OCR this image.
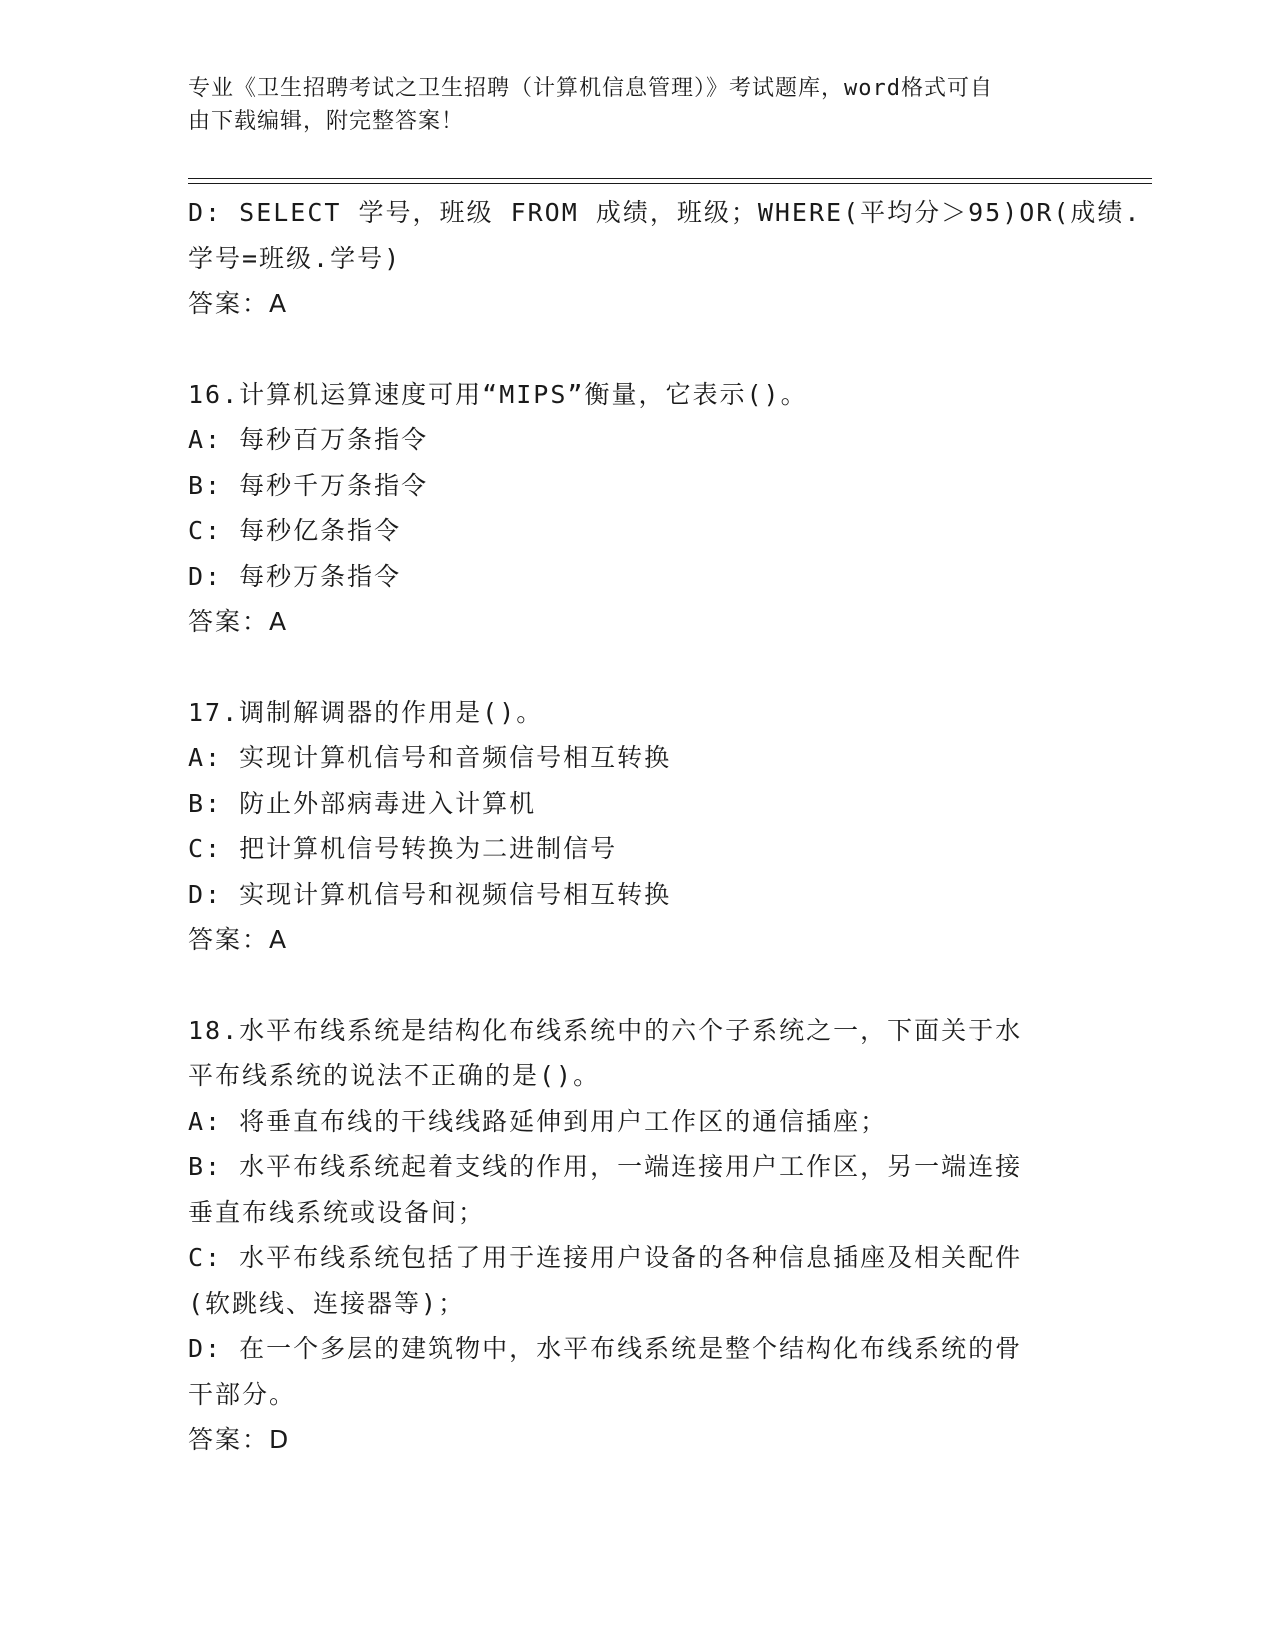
专业《卫生招聘考试之卫生招聘（计算机信息管理）》考试题库，word格式可自
由下载编辑，附完整答案！
D: SELECT 学号，班级 FROM 成绩，班级；WHERE(平均分＞95)OR(成绩.
学号=班级.学号)
答案：A
16.计算机运算速度可用“MIPS”衡量，它表示()。
A: 每秒百万条指令
B: 每秒千万条指令
C: 每秒亿条指令
D: 每秒万条指令
答案：A
17.调制解调器的作用是()。
A: 实现计算机信号和音频信号相互转换
B: 防止外部病毒进入计算机
C: 把计算机信号转换为二进制信号
D: 实现计算机信号和视频信号相互转换
答案：A
18.水平布线系统是结构化布线系统中的六个子系统之一，下面关于水
平布线系统的说法不正确的是()。
A: 将垂直布线的干线线路延伸到用户工作区的通信插座；
B: 水平布线系统起着支线的作用，一端连接用户工作区，另一端连接
垂直布线系统或设备间；
C: 水平布线系统包括了用于连接用户设备的各种信息插座及相关配件
(软跳线、连接器等)；
D: 在一个多层的建筑物中，水平布线系统是整个结构化布线系统的骨
干部分。
答案：D
